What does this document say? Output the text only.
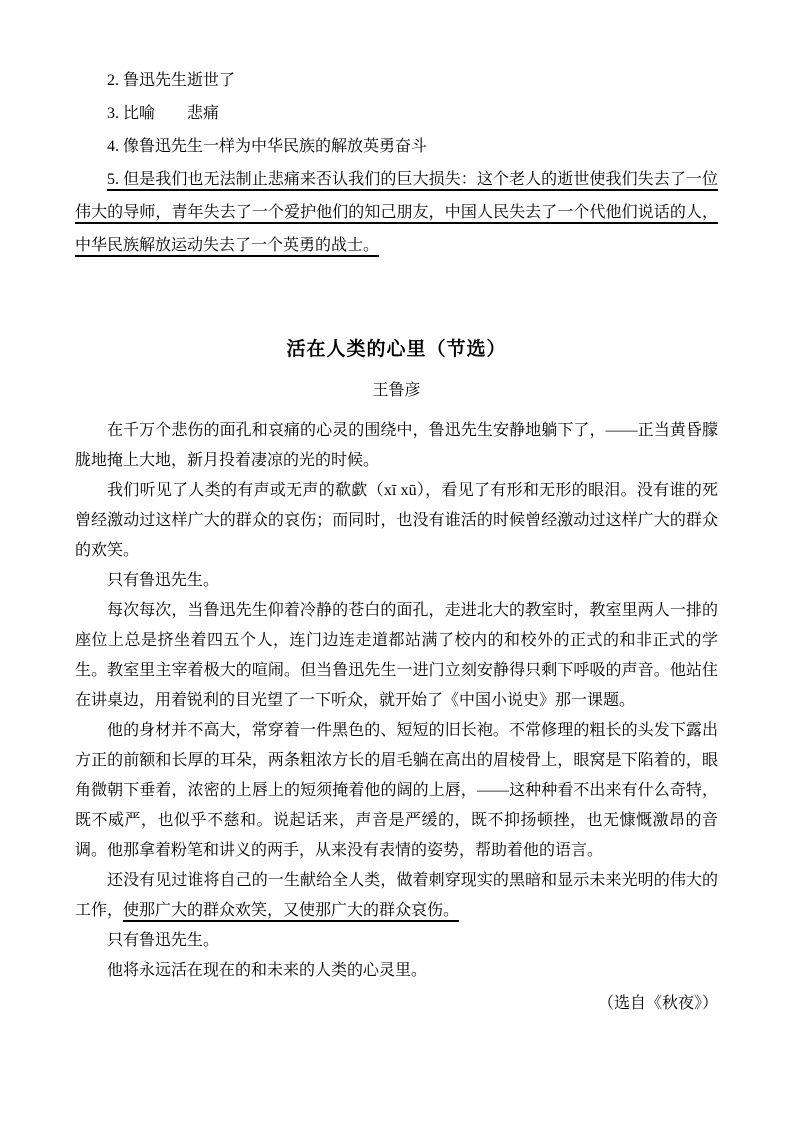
2. 鲁迅先生逝世了

3. 比喻　　悲痛

4. 像鲁迅先生一样为中华民族的解放英勇奋斗

5. 但是我们也无法制止悲痛来否认我们的巨大损失：这个老人的逝世使我们失去了一位伟大的导师，青年失去了一个爱护他们的知己朋友，中国人民失去了一个代他们说话的人，中华民族解放运动失去了一个英勇的战士。

活在人类的心里（节选）
王鲁彦

在千万个悲伤的面孔和哀痛的心灵的围绕中，鲁迅先生安静地躺下了，——正当黄昏朦胧地掩上大地，新月投着凄凉的光的时候。

我们听见了人类的有声或无声的欷歔（xī xū），看见了有形和无形的眼泪。没有谁的死曾经激动过这样广大的群众的哀伤；而同时，也没有谁活的时候曾经激动过这样广大的群众的欢笑。

只有鲁迅先生。

每次每次，当鲁迅先生仰着冷静的苍白的面孔，走进北大的教室时，教室里两人一排的座位上总是挤坐着四五个人，连门边连走道都站满了校内的和校外的正式的和非正式的学生。教室里主宰着极大的喧闹。但当鲁迅先生一进门立刻安静得只剩下呼吸的声音。他站住在讲桌边，用着锐利的目光望了一下听众，就开始了《中国小说史》那一课题。

他的身材并不高大，常穿着一件黑色的、短短的旧长袍。不常修理的粗长的头发下露出方正的前额和长厚的耳朵，两条粗浓方长的眉毛躺在高出的眉棱骨上，眼窝是下陷着的，眼角微朝下垂着，浓密的上唇上的短须掩着他的阔的上唇，——这种种看不出来有什么奇特，既不威严，也似乎不慈和。说起话来，声音是严缓的，既不抑扬顿挫，也无慷慨激昂的音调。他那拿着粉笔和讲义的两手，从来没有表情的姿势，帮助着他的语言。

还没有见过谁将自己的一生献给全人类，做着刺穿现实的黑暗和显示未来光明的伟大的工作，使那广大的群众欢笑，又使那广大的群众哀伤。

只有鲁迅先生。

他将永远活在现在的和未来的人类的心灵里。

（选自《秋夜》）
